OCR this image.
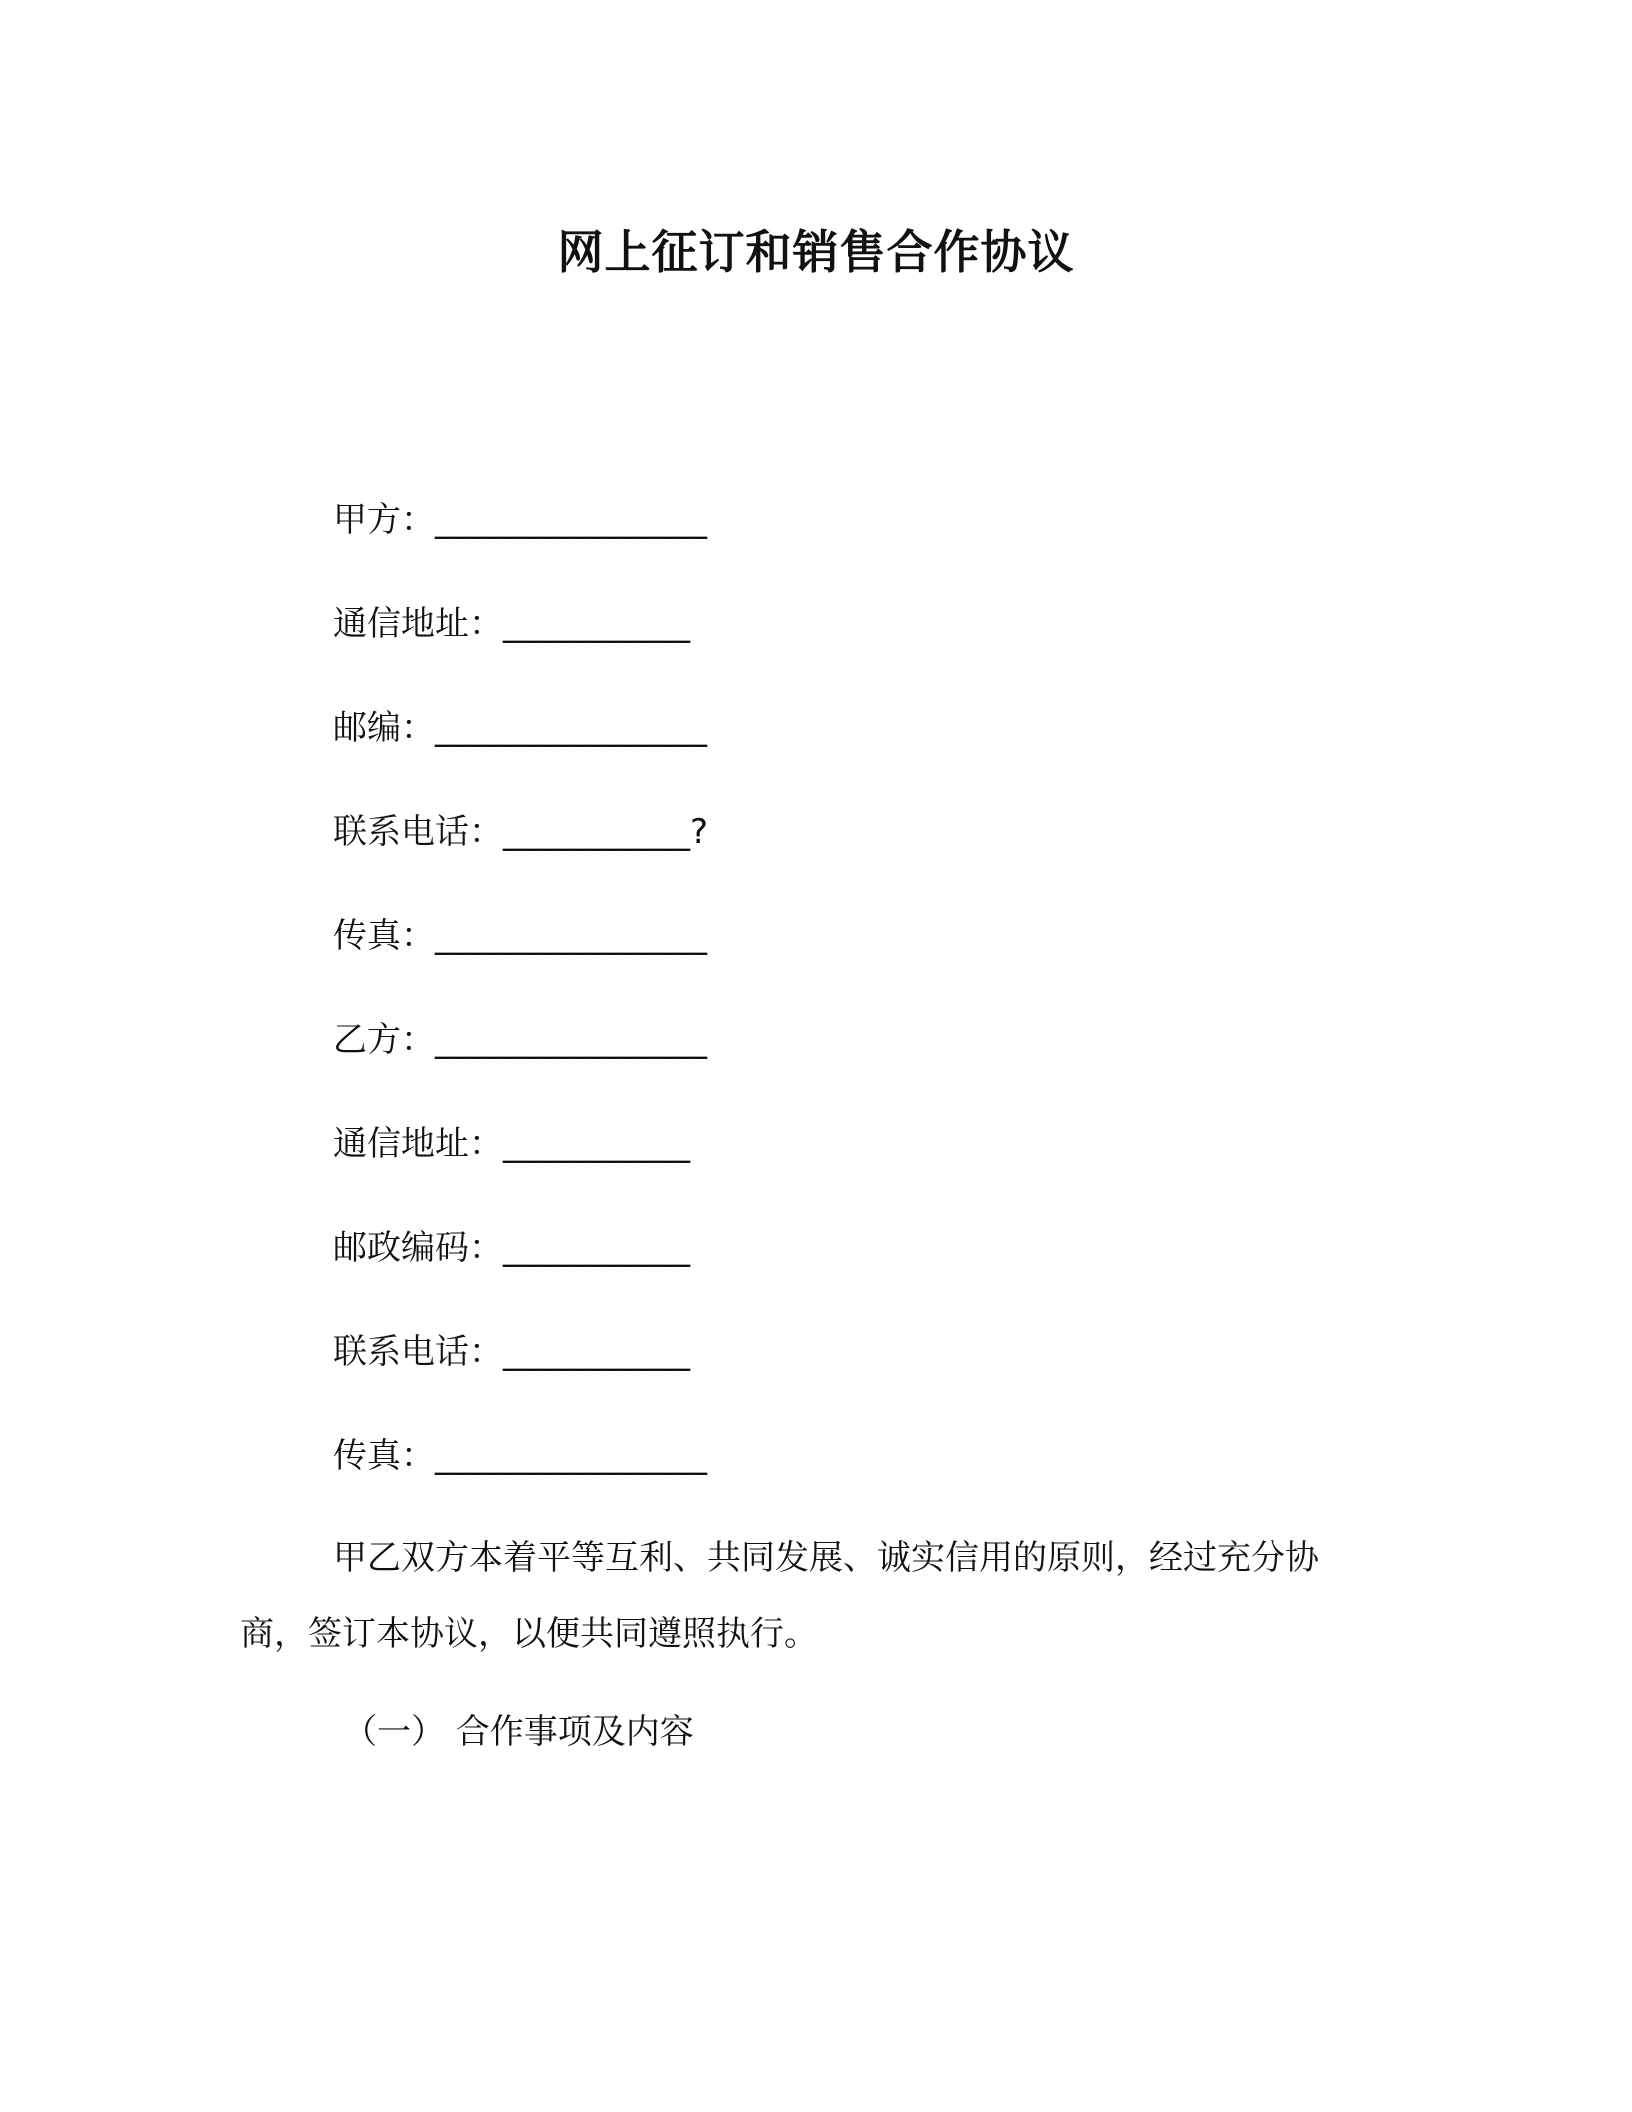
网上征订和销售合作协议
甲方：________________
通信地址：___________
邮编：________________
联系电话：___________?
传真：________________
乙方：________________
通信地址：___________
邮政编码：___________
联系电话：___________
传真：________________

甲乙双方本着平等互利、共同发展、诚实信用的原则，经过充分协商，签订本协议，以便共同遵照执行。

（一） 合作事项及内容
